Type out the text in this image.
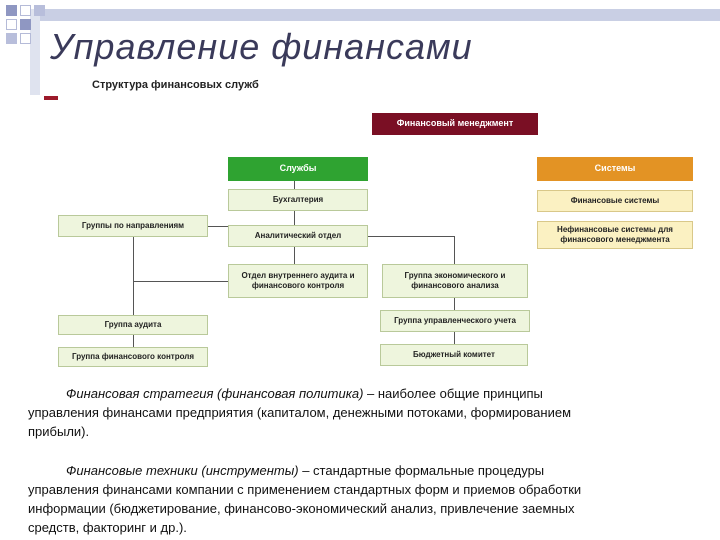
Управление финансами
Структура финансовых служб
Финансовый менеджмент
Службы	Системы
Бухгалтерия
Группы по направлениям
Аналитический отдел
Отдел внутреннего аудита и финансового контроля
Группа экономического и финансового анализа
Группа управленческого учета
Группа аудита
Бюджетный комитет
Группа финансового контроля
Финансовые системы
Нефинансовые системы для финансового менеджмента

Финансовая стратегия (финансовая политика) – наиболее общие принципы

управления финансами предприятия (капиталом, денежными потоками, формированием

прибыли).

Финансовые техники (инструменты) – стандартные формальные процедуры

управления финансами компании с применением стандартных форм и приемов обработки

информации (бюджетирование, финансово-экономический анализ, привлечение заемных

средств, факторинг и др.).
